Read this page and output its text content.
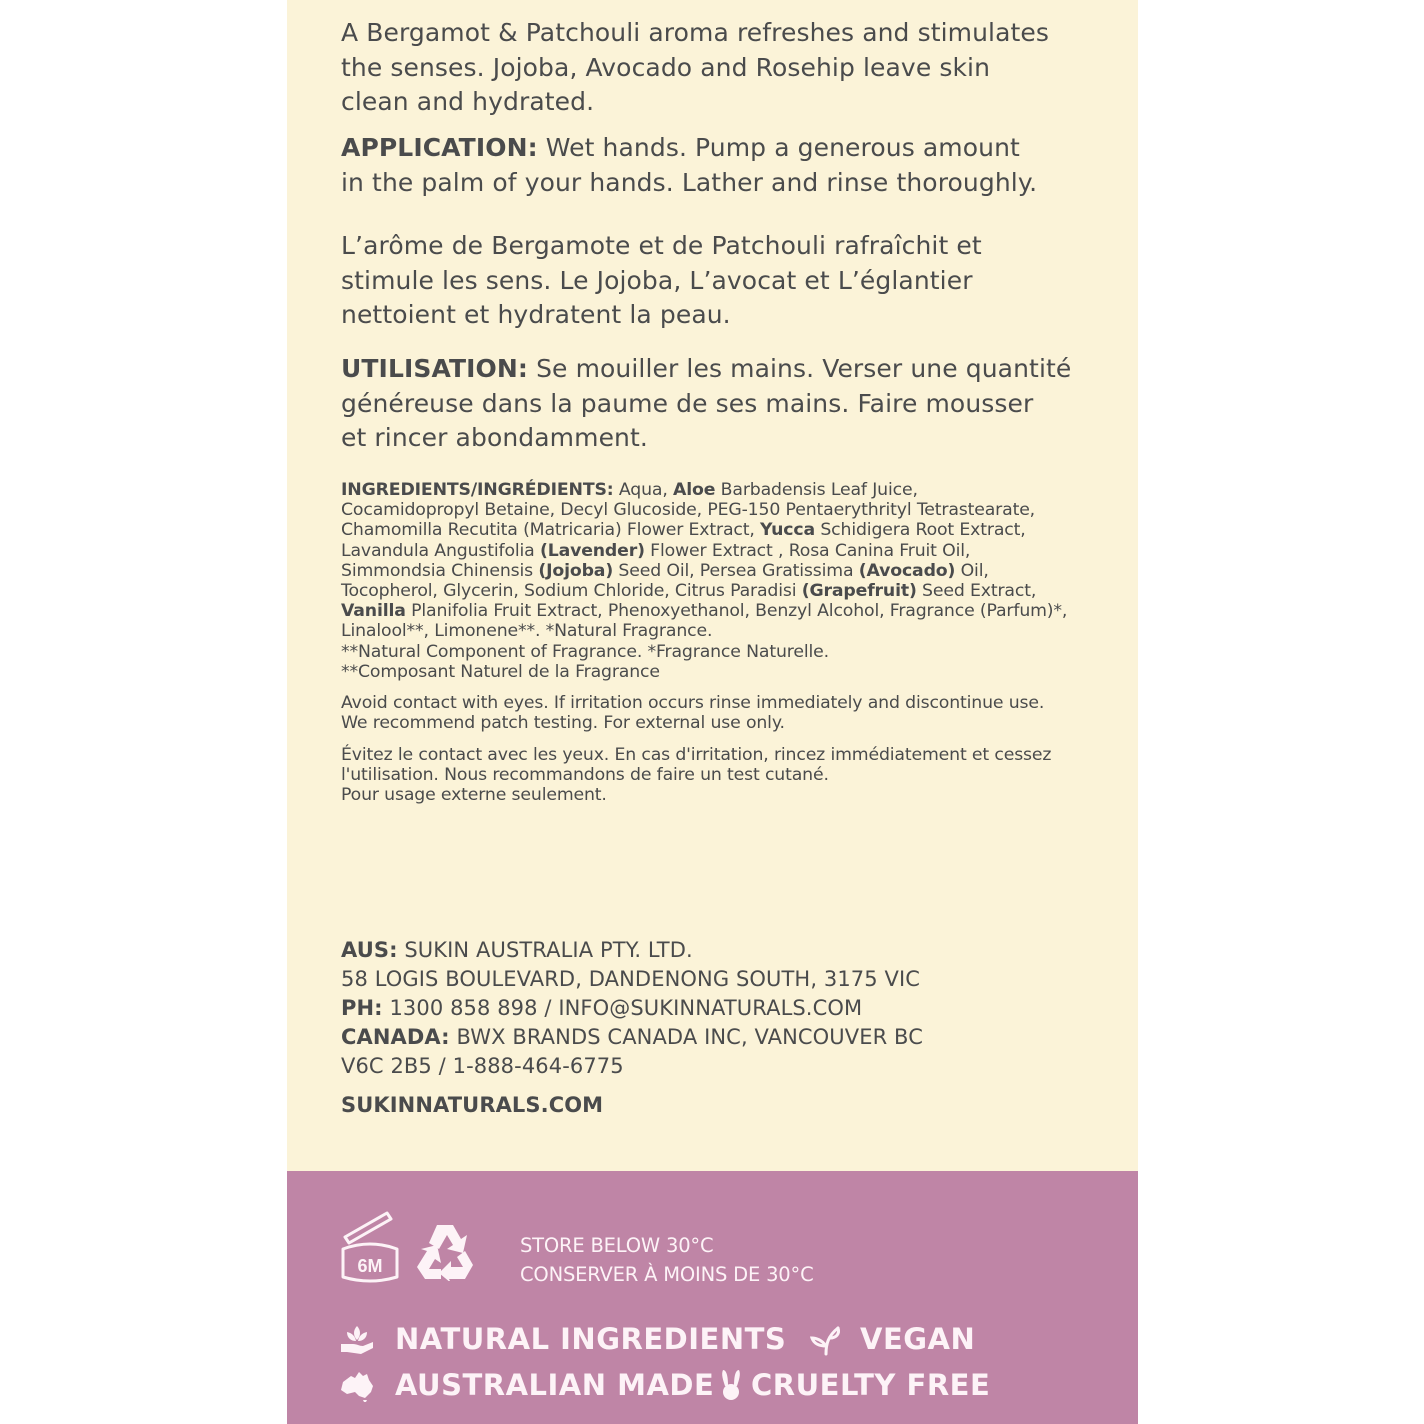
A Bergamot & Patchouli aroma refreshes and stimulates
the senses. Jojoba, Avocado and Rosehip leave skin
clean and hydrated.
APPLICATION: Wet hands. Pump a generous amount
in the palm of your hands. Lather and rinse thoroughly.
L’arôme de Bergamote et de Patchouli rafraîchit et
stimule les sens. Le Jojoba, L’avocat et L’églantier
nettoient et hydratent la peau.
UTILISATION: Se mouiller les mains. Verser une quantité
généreuse dans la paume de ses mains. Faire mousser
et rincer abondamment.
INGREDIENTS/INGRÉDIENTS: Aqua, Aloe Barbadensis Leaf Juice,
Cocamidopropyl Betaine, Decyl Glucoside, PEG-150 Pentaerythrityl Tetrastearate,
Chamomilla Recutita (Matricaria) Flower Extract, Yucca Schidigera Root Extract,
Lavandula Angustifolia (Lavender) Flower Extract , Rosa Canina Fruit Oil,
Simmondsia Chinensis (Jojoba) Seed Oil, Persea Gratissima (Avocado) Oil,
Tocopherol, Glycerin, Sodium Chloride, Citrus Paradisi (Grapefruit) Seed Extract,
Vanilla Planifolia Fruit Extract, Phenoxyethanol, Benzyl Alcohol, Fragrance (Parfum)*,
Linalool**, Limonene**. *Natural Fragrance.
**Natural Component of Fragrance. *Fragrance Naturelle.
**Composant Naturel de la Fragrance
Avoid contact with eyes. If irritation occurs rinse immediately and discontinue use.
We recommend patch testing. For external use only.
Évitez le contact avec les yeux. En cas d'irritation, rincez immédiatement et cessez
l'utilisation. Nous recommandons de faire un test cutané.
Pour usage externe seulement.
AUS: SUKIN AUSTRALIA PTY. LTD.
58 LOGIS BOULEVARD, DANDENONG SOUTH, 3175 VIC
PH: 1300 858 898 / INFO@SUKINNATURALS.COM
CANADA: BWX BRANDS CANADA INC, VANCOUVER BC
V6C 2B5 / 1-888-464-6775
SUKINNATURALS.COM
6M
STORE BELOW 30°C
CONSERVER À MOINS DE 30°C
NATURAL INGREDIENTS	VEGAN
AUSTRALIAN MADE CRUELTY FREE
